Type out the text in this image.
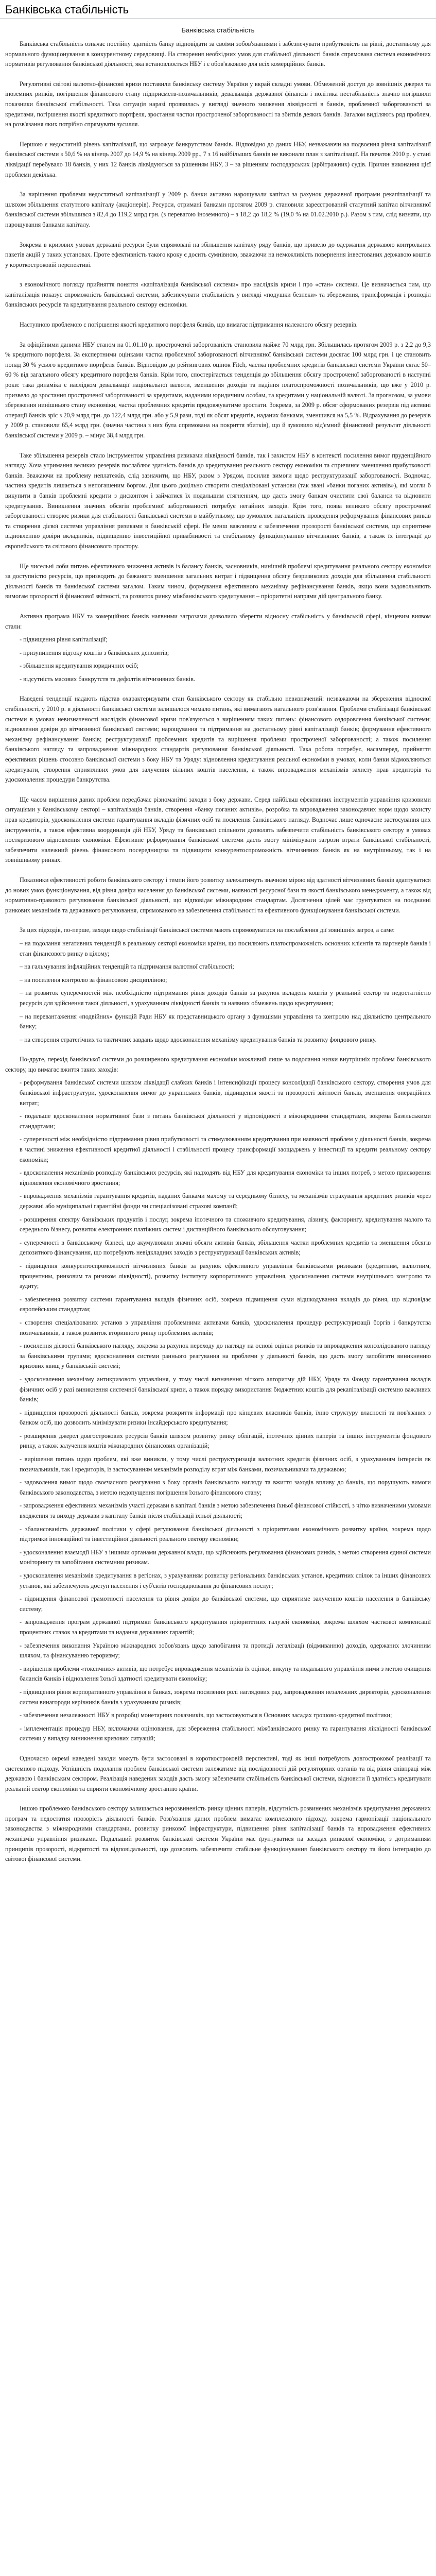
Банківська стабільність
Банківська стабільність
Банківська стабільність означає постійну здатність банку відповідати за своїми зобов'язаннями і забезпечувати прибутковість на рівні, достатньому для нормального функціонування в конкурентному середовищі. На створення необхідних умов для стабільної діяльності банків спрямована система економічних нормативів регулювання банківської діяльності, яка встановлюється НБУ і є обов'язковою для всіх комерційних банків.
Регулятивні світові валютно-фінансові кризи поставили банківську систему України у вкрай складні умови. Обмежений доступ до зовнішніх джерел та іноземних ринків, погіршення фінансового стану підприємств-позичальників, девальвація державної фінансів і політика нестабільність значно погіршили показники банківської стабільності. Така ситуація наразі проявилась у вигляді значного зниження ліквідності в банків, проблемної заборгованості за кредитами, погіршення якості кредитного портфеля, зростання частки простроченої заборгованості та збитків деяких банків. Загалом виділяють ряд проблем, на розв'язання яких потрібно спрямувати зусилля.
Першою є недостатній рівень капіталізації, що загрожує банкрутством банків. Відповідно до даних НБУ, незважаючи на подвоєння рівня капіталізації банківської системи з 50,6 % на кінець 2007 до 14,9 % на кінець 2009 рр., 7 з 16 найбільших банків не виконали план з капіталізації. На початок 2010 р. у стані ліквідації перебувало 18 банків, у них 12 банків ліквідуються за рішенням НБУ, 3 – за рішенням господарських (арбітражних) судів. Причин виконання цієї проблеми декілька.
За вирішення проблеми недостатньої капіталізації у 2009 р. банки активно нарощували капітал за рахунок державної програми рекапіталізації та шляхом збільшення статутного капіталу (акціонерів). Ресурси, отримані банками протягом 2009 р. становили зареєстрований статутний капітал вітчизняної банківської системи збільшився з 82,4 до 119,2 млрд грн. (з перевагою іноземного) – з 18,2 до 18,2 % (19,0 % на 01.02.2010 р.). Разом з тим, слід визнати, що нарощування банками капіталу.
Зокрема в кризових умовах державні ресурси були спрямовані на збільшення капіталу ряду банків, що привело до одержання державою контрольних пакетів акцій у таких установах. Проте ефективність такого кроку є досить сумнівною, зважаючи на неможливість повернення інвестованих державою коштів у короткостроковій перспективі.
з економічного погляду прийняття поняття «капіталізація банківської системи» про наслідків кризи і про «стан» системи. Це визначається тим, що капіталізація показує спроможність банківської системи, забезпечувати стабільність у вигляді «подушки безпеки» та збереження, трансформація і розподіл банківських ресурсів та кредитування реального сектору економіки.
Наступною проблемою є погіршення якості кредитного портфеля банків, що вимагає підтримання належного обсягу резервів.
За офіційними даними НБУ станом на 01.01.10 р. простроченої заборгованість становила майже 70 млрд грн. Збільшилась протягом 2009 р. з 2,2 до 9,3 % кредитного портфеля. За експертними оцінками частка проблемної заборгованості вітчизняної банківської системи досягає 100 млрд грн. і це становить понад 30 % усього кредитного портфеля банків. Відповідно до рейтингових оцінок Fitch, частка проблемних кредитів банківської системи України сягає 50–60 % від загального обсягу кредитного портфеля банків. Крім того, спостерігається тенденція до збільшення обсягу простроченої заборгованості в наступні роки: така динаміка є наслідком девальвації національної валюти, зменшення доходів та падіння платоспроможності позичальників, що вже у 2010 р. призвело до зростання простроченої заборгованості за кредитами, наданими юридичним особам, та кредитами у національній валюті. За прогнозом, за умови збереження нинішнього стану економіки, частка проблемних кредитів продовжуватиме зростати. Зокрема, за 2009 р. обсяг сформованих резервів під активні операції банків зріс з 20,9 млрд грн. до 122,4 млрд грн. або у 5,9 рази, тоді як обсяг кредитів, наданих банками, зменшився на 5,5 %. Відрахування до резервів у 2009 р. становили 65,4 млрд грн. (значна частина з них була спрямована на покриття збитків), що й зумовило від'ємний фінансовий результат діяльності банківської системи у 2009 р. – мінус 38,4 млрд грн.
Таке збільшення резервів стало інструментом управління ризиками ліквідності банків, так і захистом НБУ в контексті посилення вимог пруденційного нагляду. Хоча утримання великих резервів послаблює здатність банків до кредитування реального сектору економіки та спричиняє зменшення прибутковості банків. Зважаючи на проблему неплатежів, слід зазначити, що НБУ, разом з Урядом, посилив вимоги щодо реструктуризації заборгованості. Водночас, частина кредитів лишається з непогашеним боргом. Для цього доцільно створити спеціалізовані установи (так звані «банки поганих активів»), які могли б викупити в банків проблемні кредити з дисконтом і займатися їх подальшим стягненням, що дасть змогу банкам очистити свої баланси та відновити кредитування. Виникнення значних обсягів проблемної заборгованості потребує негайних заходів. Крім того, поява великого обсягу простроченої заборгованості створює ризики для стабільності банківської системи в майбутньому, що зумовлює нагальність проведення реформування фінансових ринків та створення дієвої системи управління ризиками в банківській сфері. Не менш важливим є забезпечення прозорості банківської системи, що сприятиме відновленню довіри вкладників, підвищенню інвестиційної привабливості та стабільному функціонуванню вітчизняних банків, а також їх інтеграції до європейського та світового фінансового простору.
Ще чисельні лоби питань ефективного зниження активів із балансу банків, засновників, нинішній проблемі кредитування реального сектору економіки за доступністю ресурсів, що призводить до бажаного зменшення загальних витрат і підвищення обсягу безризикових доходів для збільшення стабільності діяльності банків та банківської системи загалом. Таким чином, формування ефективного механізму рефінансування банків, якщо вони задовольняють вимогам прозорості й фінансової звітності, та розвиток ринку міжбанківського кредитування – пріоритетні напрями дій центрального банку.
Активна програма НБУ та комерційних банків наявними загрозами дозволило зберегти відносну стабільність у банківській сфері, кінцевим виявом стали:
- підвищення рівня капіталізації;
- призупинення відтоку коштів з банківських депозитів;
- збільшення кредитування юридичних осіб;
- відсутність масових банкрутств та дефолтів вітчизняних банків.
Наведені тенденції надають підстав охарактеризувати стан банківського сектору як стабільно невизначений: незважаючи на збереження відносної стабільності, у 2010 р. в діяльності банківської системи залишалося чимало питань, які вимагають нагального розв'язання. Проблеми стабілізації банківської системи в умовах невизначеності наслідків фінансової кризи пов'язуються з вирішенням таких питань: фінансового оздоровлення банківської системи; відновлення довіри до вітчизняної банківської системи; нарощування та підтримання на достатньому рівні капіталізації банків; формування ефективного механізму рефінансування банків; реструктуризації проблемних кредитів та вирішення проблеми простроченої заборгованості; а також посилення банківського нагляду та запровадження міжнародних стандартів регулювання банківської діяльності. Така робота потребує, насамперед, прийняття ефективних рішень стосовно банківської системи з боку НБУ та Уряду: відновлення кредитування реальної економіки в умовах, коли банки відмовляються кредитувати, створення сприятливих умов для залучення вільних коштів населення, а також впровадження механізмів захисту прав кредиторів та удосконалення процедури банкрутства.
Ще часом вирішення даних проблем передбачає різноманітні заходи з боку держави. Серед найбільш ефективних інструментів управління кризовими ситуаціями у банківському секторі – капіталізація банків, створення «банку поганих активів», розробка та впровадження законодавчих норм щодо захисту прав кредиторів, удосконалення системи гарантування вкладів фізичних осіб та посилення банківського нагляду. Водночас лише одночасне застосування цих інструментів, а також ефективна координація дій НБУ, Уряду та банківської спільноти дозволять забезпечити стабільність банківського сектору в умовах посткризового відновлення економіки. Ефективне реформування банківської системи дасть змогу мінімізувати загрози втрати банківської стабільності, забезпечити належний рівень фінансового посередництва та підвищити конкурентоспроможність вітчизняних банків як на внутрішньому, так і на зовнішньому ринках.
Показники ефективності роботи банківського сектору і темпи його розвитку залежатимуть значною мірою від здатності вітчизняних банків адаптуватися до нових умов функціонування, від рівня довіри населення до банківської системи, наявності ресурсної бази та якості банківського менеджменту, а також від нормативно-правового регулювання банківської діяльності, що відповідає міжнародним стандартам. Досягнення цілей має ґрунтуватися на поєднанні ринкових механізмів та державного регулювання, спрямованого на забезпечення стабільності та ефективного функціонування банківської системи.
За цих підходів, по-перше, заходи щодо стабілізації банківської системи мають спрямовуватися на послаблення дії зовнішніх загроз, а саме:
– на подолання негативних тенденцій в реальному секторі економіки країни, що посилюють платоспроможність основних клієнтів та партнерів банків і стан фінансового ринку в цілому;
– на гальмування інфляційних тенденцій та підтримання валютної стабільності;
– на посилення контролю за фінансовою дисципліною;
– на розвиток суперечностей між необхідністю підтримання рівня доходів банків за рахунок вкладень коштів у реальний сектор та недостатністю ресурсів для здійснення такої діяльності, з урахуванням ліквідності банків та наявних обмежень щодо кредитування;
– на перевантаження «подвійних» функцій Ради НБУ як представницького органу з функціями управління та контролю над діяльністю центрального банку;
– на створення стратегічних та тактичних завдань щодо вдосконалення механізму кредитування банків та розвитку фондового ринку.
По-друге, перехід банківської системи до розширеного кредитування економіки можливий лише за подолання низки внутрішніх проблем банківського сектору, що вимагає вжиття таких заходів:
- реформування банківської системи шляхом ліквідації слабких банків і інтенсифікації процесу консолідації банківського сектору, створення умов для банківської інфраструктури, удосконалення вимог до українських банків, підвищення якості та прозорості звітності банків, зменшення операційних витрат;
- подальше вдосконалення нормативної бази з питань банківської діяльності у відповідності з міжнародними стандартами, зокрема Базельськими стандартами;
- суперечності між необхідністю підтримання рівня прибутковості та стимулюванням кредитування при наявності проблем у діяльності банків, зокрема в частині зниження ефективності кредитної діяльності і стабільності процесу трансформації заощаджень у інвестиції та кредити реальному сектору економіки;
- вдосконалення механізмів розподілу банківських ресурсів, які надходять від НБУ для кредитування економіки та інших потреб, з метою прискорення відновлення економічного зростання;
- впровадження механізмів гарантування кредитів, наданих банками малому та середньому бізнесу, та механізмів страхування кредитних ризиків через державні або муніципальні гарантійні фонди чи спеціалізовані страхові компанії;
- розширення спектру банківських продуктів і послуг, зокрема іпотечного та споживчого кредитування, лізингу, факторингу, кредитування малого та середнього бізнесу, розвиток електронних платіжних систем і дистанційного банківського обслуговування;
- суперечності в банківському бізнесі, що акумулювали значні обсяги активів банків, збільшення частки проблемних кредитів та зменшення обсягів депозитного фінансування, що потребують невідкладних заходів з реструктуризації банківських активів;
- підвищення конкурентоспроможності вітчизняних банків за рахунок ефективного управління банківськими ризиками (кредитним, валютним, процентним, ринковим та ризиком ліквідності), розвитку інституту корпоративного управління, удосконалення системи внутрішнього контролю та аудиту;
- забезпечення розвитку системи гарантування вкладів фізичних осіб, зокрема підвищення суми відшкодування вкладів до рівня, що відповідає європейським стандартам;
- створення спеціалізованих установ з управління проблемними активами банків, удосконалення процедур реструктуризації боргів і банкрутства позичальників, а також розвиток вторинного ринку проблемних активів;
- посилення дієвості банківського нагляду, зокрема за рахунок переходу до нагляду на основі оцінки ризиків та впровадження консолідованого нагляду за банківськими групами; вдосконалення системи раннього реагування на проблеми у діяльності банків, що дасть змогу запобігати виникненню кризових явищ у банківській системі;
- удосконалення механізму антикризового управління, у тому числі визначення чіткого алгоритму дій НБУ, Уряду та Фонду гарантування вкладів фізичних осіб у разі виникнення системної банківської кризи, а також порядку використання бюджетних коштів для рекапіталізації системно важливих банків;
- підвищення прозорості діяльності банків, зокрема розкриття інформації про кінцевих власників банків, їхню структуру власності та пов'язаних з банком осіб, що дозволить мінімізувати ризики інсайдерського кредитування;
- розширення джерел довгострокових ресурсів банків шляхом розвитку ринку облігацій, іпотечних цінних паперів та інших інструментів фондового ринку, а також залучення коштів міжнародних фінансових організацій;
- вирішення питань щодо проблем, які вже виникли, у тому числі реструктуризація валютних кредитів фізичних осіб, з урахуванням інтересів як позичальників, так і кредиторів, із застосуванням механізмів розподілу втрат між банками, позичальниками та державою;
- задоволення вимог щодо своєчасного реагування з боку органів банківського нагляду та вжиття заходів впливу до банків, що порушують вимоги банківського законодавства, з метою недопущення погіршення їхнього фінансового стану;
- запровадження ефективних механізмів участі держави в капіталі банків з метою забезпечення їхньої фінансової стійкості, з чітко визначеними умовами входження та виходу держави з капіталу банків після стабілізації їхньої діяльності;
- збалансованість державної політики у сфері регулювання банківської діяльності з пріоритетами економічного розвитку країни, зокрема щодо підтримки інноваційної та інвестиційної діяльності реального сектору економіки;
- удосконалення взаємодії НБУ з іншими органами державної влади, що здійснюють регулювання фінансових ринків, з метою створення єдиної системи моніторингу та запобігання системним ризикам.
- удосконалення механізмів кредитування в регіонах, з урахуванням розвитку регіональних банківських установ, кредитних спілок та інших фінансових установ, які забезпечують доступ населення і суб'єктів господарювання до фінансових послуг;
- підвищення фінансової грамотності населення та рівня довіри до банківської системи, що сприятиме залученню коштів населення в банківську систему;
- запровадження програм державної підтримки банківського кредитування пріоритетних галузей економіки, зокрема шляхом часткової компенсації процентних ставок за кредитами та надання державних гарантій;
- забезпечення виконання Україною міжнародних зобов'язань щодо запобігання та протидії легалізації (відмиванню) доходів, одержаних злочинним шляхом, та фінансуванню тероризму;
- вирішення проблеми «токсичних» активів, що потребує впровадження механізмів їх оцінки, викупу та подальшого управління ними з метою очищення балансів банків і відновлення їхньої здатності кредитувати економіку;
- підвищення рівня корпоративного управління в банках, зокрема посилення ролі наглядових рад, запровадження незалежних директорів, удосконалення систем винагороди керівників банків з урахуванням ризиків;
- забезпечення незалежності НБУ в розробці монетарних показників, що застосовуються в Основних засадах грошово-кредитної політики;
- імплементація процедур НБУ, включаючи оцінювання, для збереження стабільності міжбанківського ринку та гарантування ліквідності банківської системи у випадку виникнення кризових ситуацій;
Одночасно окремі наведені заходи можуть бути застосовані в короткостроковій перспективі, тоді як інші потребують довгострокової реалізації та системного підходу. Успішність подолання проблем банківської системи залежатиме від послідовності дій регуляторних органів та від рівня співпраці між державою і банківським сектором. Реалізація наведених заходів дасть змогу забезпечити стабільність банківської системи, відновити її здатність кредитувати реальний сектор економіки та сприяти економічному зростанню країни.
Іншою проблемою банківського сектору залишається нерозвиненість ринку цінних паперів, відсутність розвинених механізмів кредитування державних програм та недостатня прозорість діяльності банків. Розв'язання даних проблем вимагає комплексного підходу, зокрема гармонізації національного законодавства з міжнародними стандартами, розвитку ринкової інфраструктури, підвищення рівня капіталізації банків та впровадження ефективних механізмів управління ризиками. Подальший розвиток банківської системи України має ґрунтуватися на засадах ринкової економіки, з дотриманням принципів прозорості, відкритості та відповідальності, що дозволить забезпечити стабільне функціонування банківського сектору та його інтеграцію до світової фінансової системи.
